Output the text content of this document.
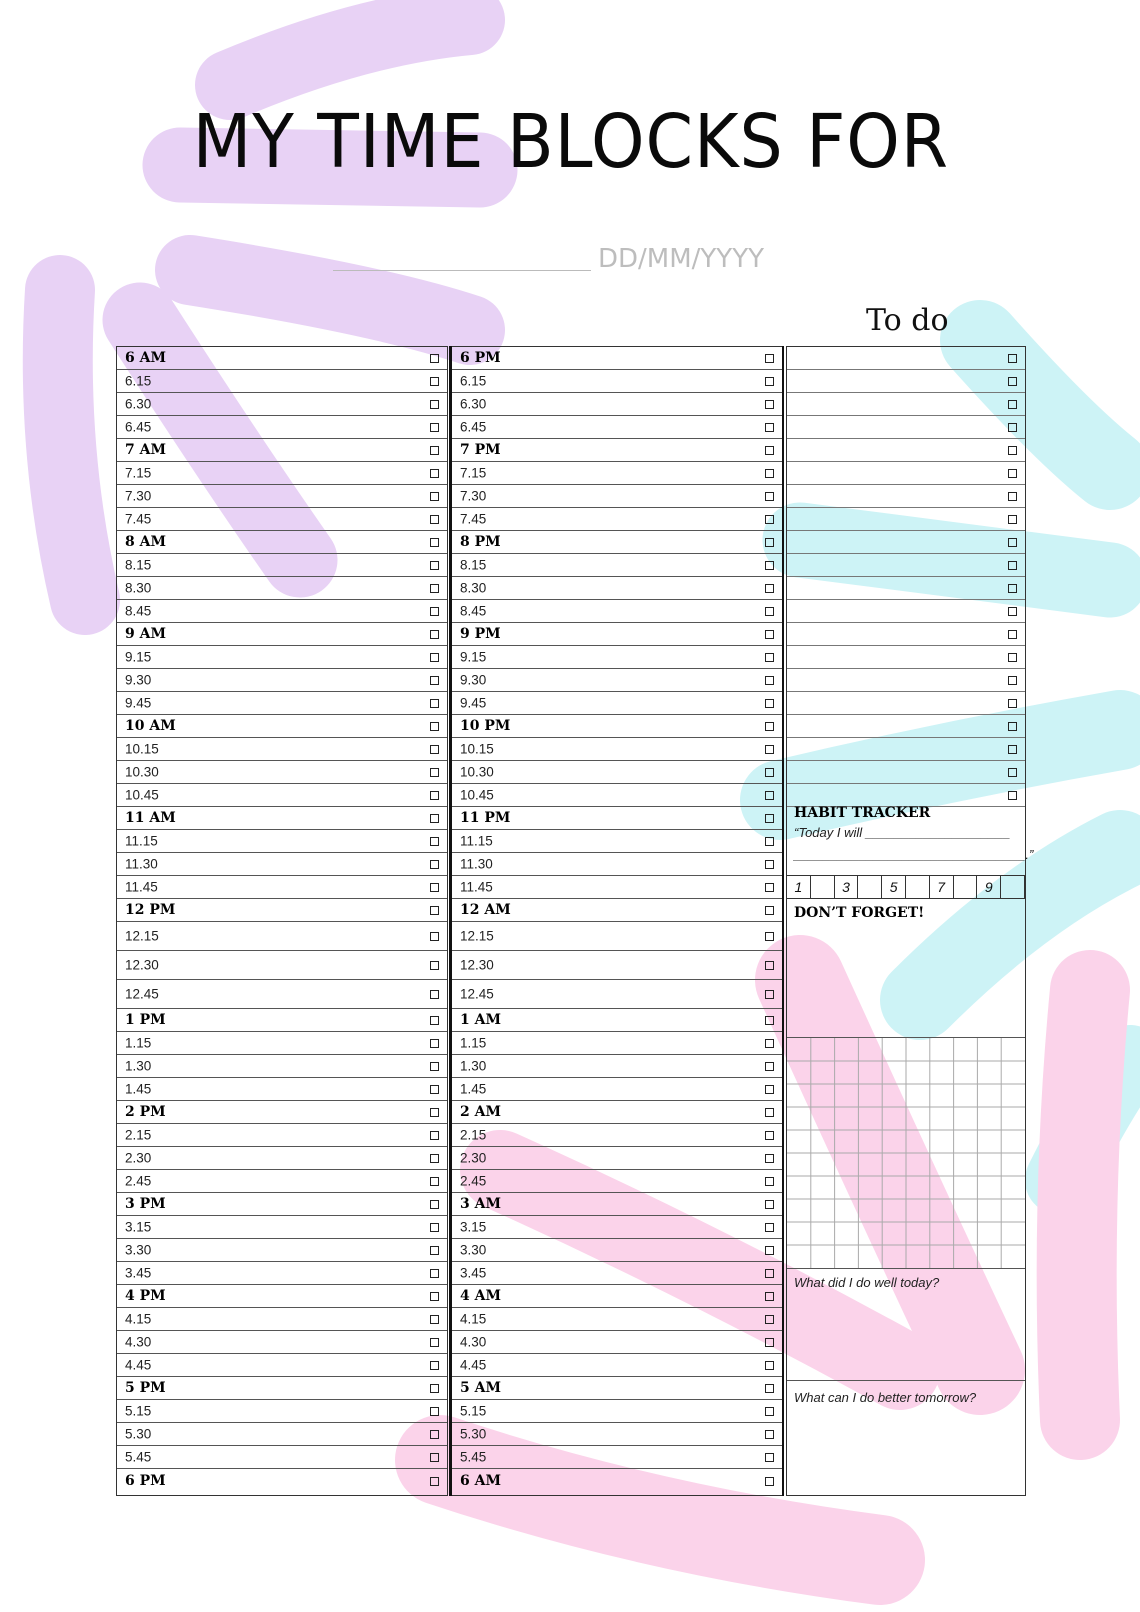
MY TIME BLOCKS FOR
DD/MM/YYYY
To do
6 AM
6.15
6.30
6.45
7 AM
7.15
7.30
7.45
8 AM
8.15
8.30
8.45
9 AM
9.15
9.30
9.45
10 AM
10.15
10.30
10.45
11 AM
11.15
11.30
11.45
12 PM
12.15
12.30
12.45
1 PM
1.15
1.30
1.45
2 PM
2.15
2.30
2.45
3 PM
3.15
3.30
3.45
4 PM
4.15
4.30
4.45
5 PM
5.15
5.30
5.45
6 PM
6 PM
6.15
6.30
6.45
7 PM
7.15
7.30
7.45
8 PM
8.15
8.30
8.45
9 PM
9.15
9.30
9.45
10 PM
10.15
10.30
10.45
11 PM
11.15
11.30
11.45
12 AM
12.15
12.30
12.45
1 AM
1.15
1.30
1.45
2 AM
2.15
2.30
2.45
3 AM
3.15
3.30
3.45
4 AM
4.15
4.30
4.45
5 AM
5.15
5.30
5.45
6 AM
HABIT TRACKER
“Today I will ____________________
________________________________.”
1	3	5	7	9
DON’T FORGET!
What did I do well today?
What can I do better tomorrow?
